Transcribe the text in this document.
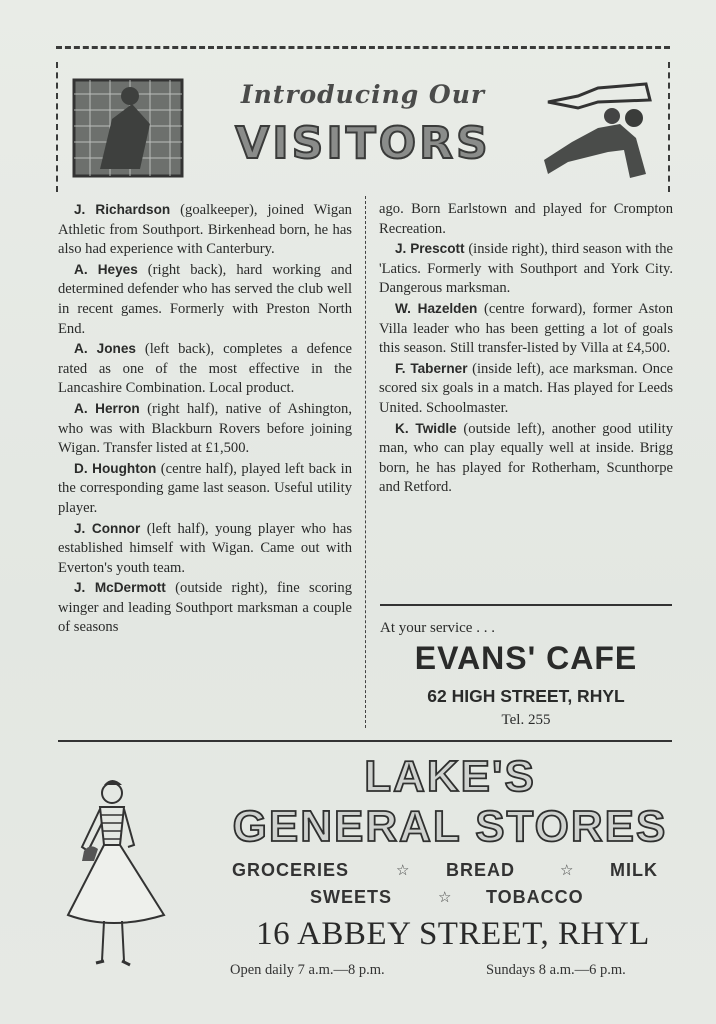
Introducing Our
VISITORS

J. Richardson (goalkeeper), joined Wigan Athletic from Southport. Birkenhead born, he has also had experience with Canterbury.

A. Heyes (right back), hard working and determined defender who has served the club well in recent games. Formerly with Preston North End.

A. Jones (left back), completes a defence rated as one of the most effective in the Lancashire Combination. Local product.

A. Herron (right half), native of Ashington, who was with Blackburn Rovers before joining Wigan. Transfer listed at £1,500.

D. Houghton (centre half), played left back in the corresponding game last season. Useful utility player.

J. Connor (left half), young player who has established himself with Wigan. Came out with Everton's youth team.

J. McDermott (outside right), fine scoring winger and leading Southport marksman a couple of seasons

ago. Born Earlstown and played for Crompton Recreation.

J. Prescott (inside right), third season with the 'Latics. Formerly with Southport and York City. Dangerous marksman.

W. Hazelden (centre forward), former Aston Villa leader who has been getting a lot of goals this season. Still transfer-listed by Villa at £4,500.

F. Taberner (inside left), ace marksman. Once scored six goals in a match. Has played for Leeds United. Schoolmaster.

K. Twidle (outside left), another good utility man, who can play equally well at inside. Brigg born, he has played for Rotherham, Scunthorpe and Retford.

At your service . . .
EVANS' CAFE
62 HIGH STREET, RHYL
Tel. 255
LAKE'S
GENERAL STORES
GROCERIES	☆ BREAD	☆ MILK
SWEETS	☆ TOBACCO
16 ABBEY STREET, RHYL
Open daily 7 a.m.—8 p.m.	Sundays 8 a.m.—6 p.m.
